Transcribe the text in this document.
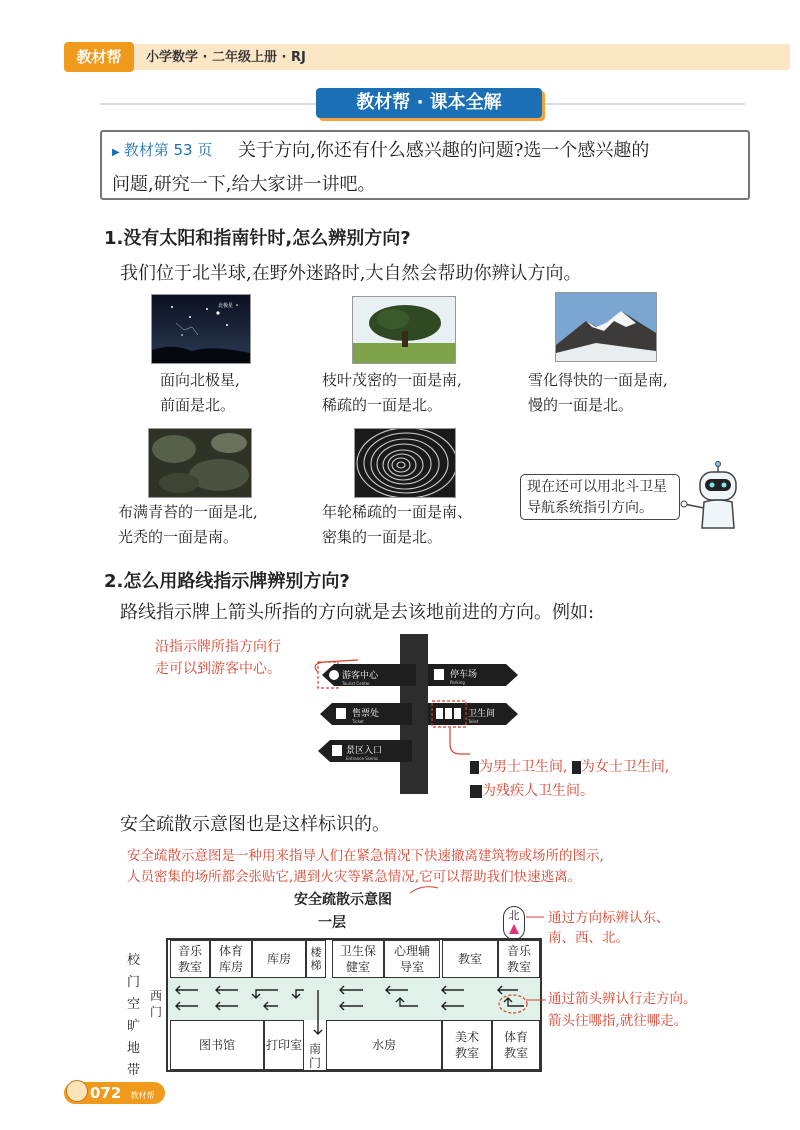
教材帮	小学数学 · 二年级上册 · RJ
教材帮 · 课本全解
▶ 教材第 53 页 关于方向,你还有什么感兴趣的问题?选一个感兴趣的
问题,研究一下,给大家讲一讲吧。
1.没有太阳和指南针时,怎么辨别方向?
我们位于北半球,在野外迷路时,大自然会帮助你辨认方向。
北极星
面向北极星,
前面是北。
枝叶茂密的一面是南,
稀疏的一面是北。
雪化得快的一面是南,
慢的一面是北。
布满青苔的一面是北,
光秃的一面是南。
年轮稀疏的一面是南、
密集的一面是北。
现在还可以用北斗卫星
导航系统指引方向。
2.怎么用路线指示牌辨别方向?
路线指示牌上箭头所指的方向就是去该地前进的方向。例如:
沿指示牌所指方向行
走可以到游客中心。	游客中心
Tourist Center
停车场
Parking
售票处
Ticket
卫生间
Toilet
景区入口
Entrance Scenic
为男士卫生间, 为女士卫生间,
为残疾人卫生间。
安全疏散示意图也是这样标识的。
安全疏散示意图是一种用来指导人们在紧急情况下快速撤离建筑物或场所的图示,
人员密集的场所都会张贴它,遇到火灾等紧急情况,它可以帮助我们快速逃离。
安全疏散示意图
一层	北	通过方向标辨认东、
南、西、北。
校门空旷地带
西门
音乐
教室
体育
库房
库房	楼梯
卫生保
健室
心理辅
导室
教室
音乐
教室
图书馆	打印室	水房
美术
教室
体育
教室
南门
通过箭头辨认行走方向。
箭头往哪指,就往哪走。
072 教材帮
